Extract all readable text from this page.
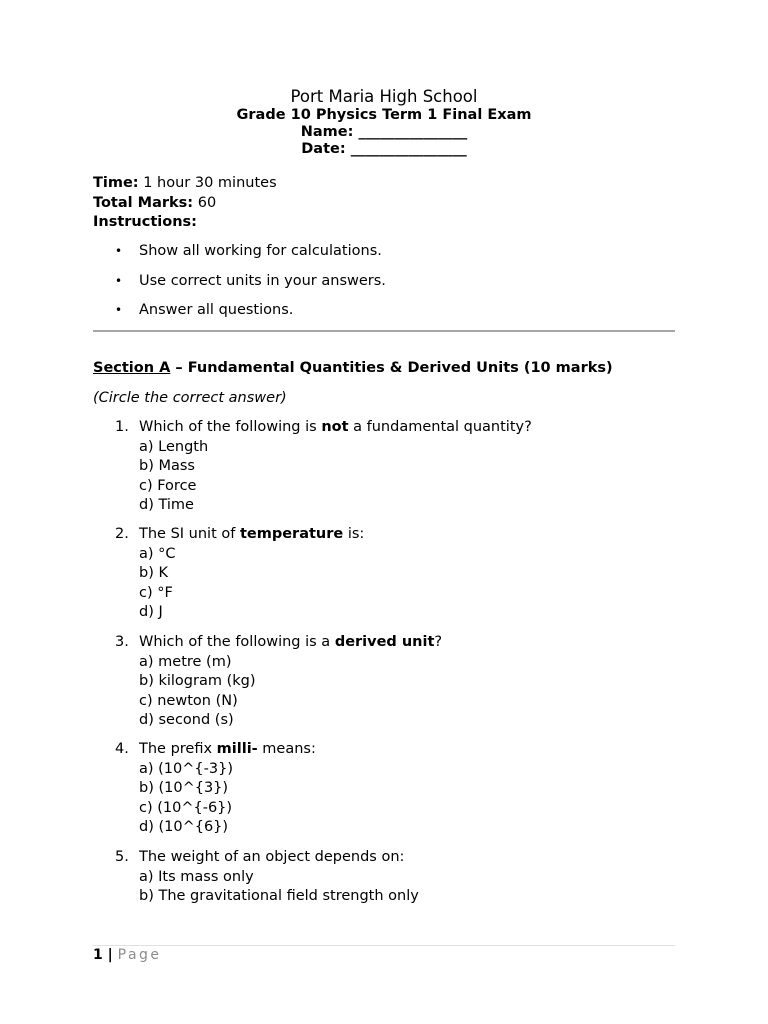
Port Maria High School
Grade 10 Physics Term 1 Final Exam
Name: _______________
Date: ________________
Time: 1 hour 30 minutes
Total Marks: 60
Instructions:
• Show all working for calculations.
• Use correct units in your answers.
• Answer all questions.
Section A – Fundamental Quantities & Derived Units (10 marks)
(Circle the correct answer)
1. Which of the following is not a fundamental quantity?
a) Length
b) Mass
c) Force
d) Time
2. The SI unit of temperature is:
a) °C
b) K
c) °F
d) J
3. Which of the following is a derived unit?
a) metre (m)
b) kilogram (kg)
c) newton (N)
d) second (s)
4. The prefix milli- means:
a) (10^{-3})
b) (10^{3})
c) (10^{-6})
d) (10^{6})
5. The weight of an object depends on:
a) Its mass only
b) The gravitational field strength only
1 | Page
